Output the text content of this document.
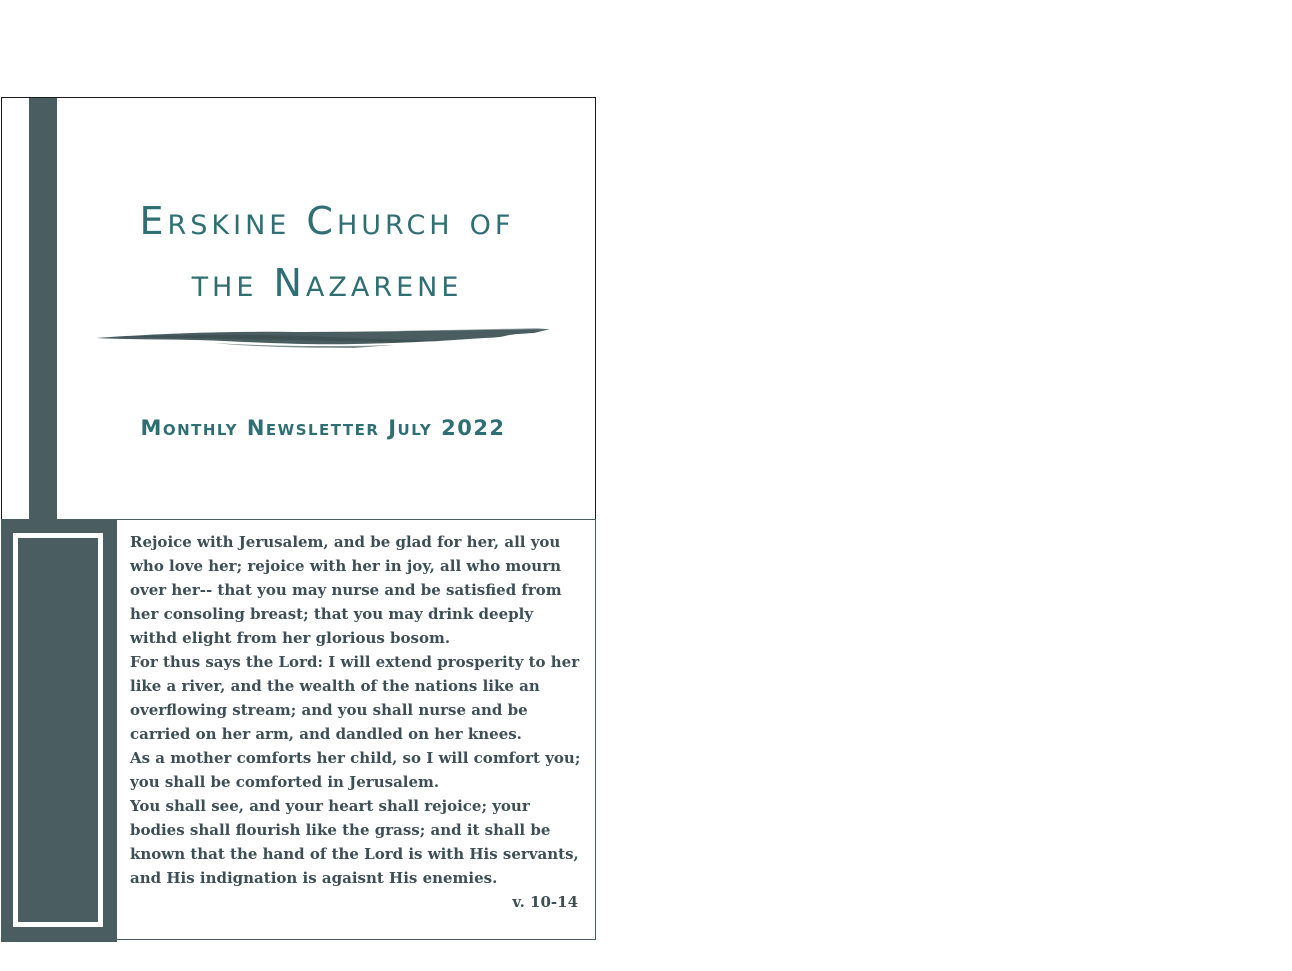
Erskine Church of
the Nazarene
Monthly Newsletter July 2022

Rejoice with Jerusalem, and be glad for her, all you who love her; rejoice with her in joy, all who mourn over her-- that you may nurse and be satisfied from her consoling breast; that you may drink deeply withd elight from her glorious bosom.

For thus says the Lord: I will extend prosperity to her like a river, and the wealth of the nations like an overflowing stream; and you shall nurse and be carried on her arm, and dandled on her knees.

As a mother comforts her child, so I will comfort you; you shall be comforted in Jerusalem.

You shall see, and your heart shall rejoice; your bodies shall flourish like the grass; and it shall be known that the hand of the Lord is with His servants, and His indignation is agaisnt His enemies.

v. 10-14
